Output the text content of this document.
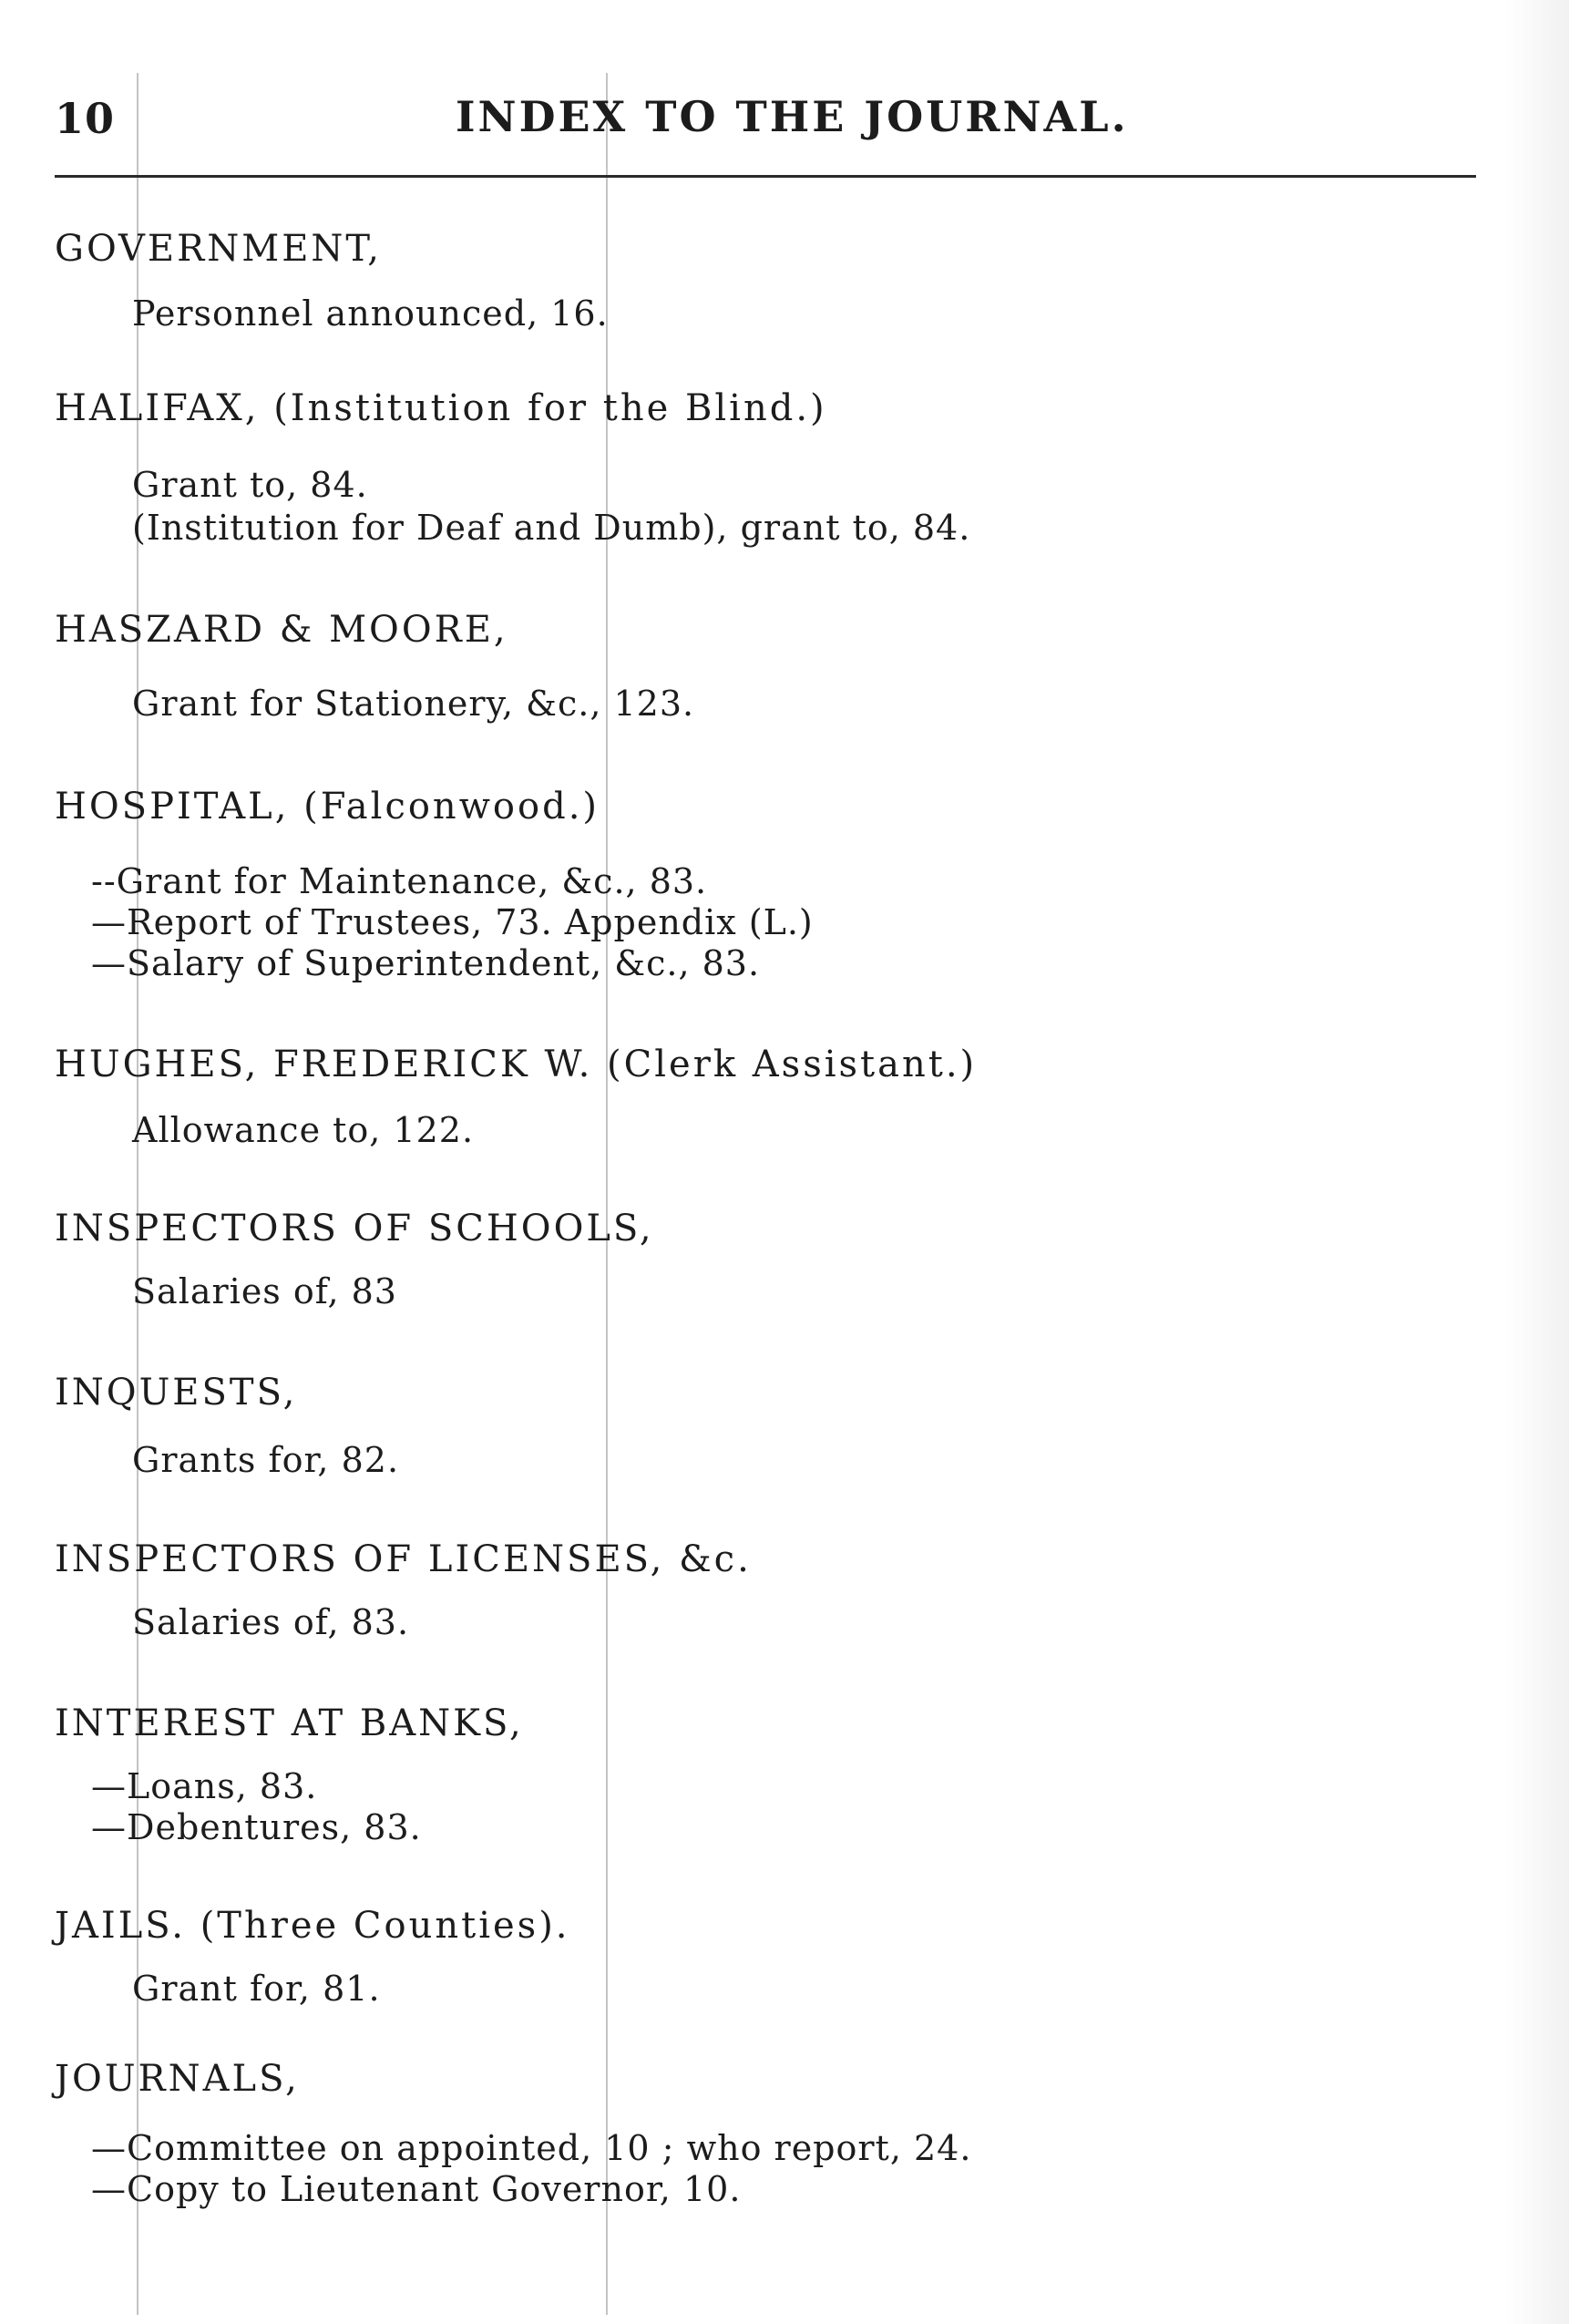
10	INDEX TO THE JOURNAL.
GOVERNMENT,
Personnel announced, 16.
HALIFAX, (Institution for the Blind.)
Grant to, 84.
(Institution for Deaf and Dumb), grant to, 84.
HASZARD & MOORE,
Grant for Stationery, &c., 123.
HOSPITAL, (Falconwood.)
--Grant for Maintenance, &c., 83.
—Report of Trustees, 73. Appendix (L.)
—Salary of Superintendent, &c., 83.
HUGHES, FREDERICK W. (Clerk Assistant.)
Allowance to, 122.
INSPECTORS OF SCHOOLS,
Salaries of, 83
INQUESTS,
Grants for, 82.
INSPECTORS OF LICENSES, &c.
Salaries of, 83.
INTEREST AT BANKS,
—Loans, 83.
—Debentures, 83.
JAILS. (Three Counties).
Grant for, 81.
JOURNALS,
—Committee on appointed, 10 ; who report, 24.
—Copy to Lieutenant Governor, 10.
